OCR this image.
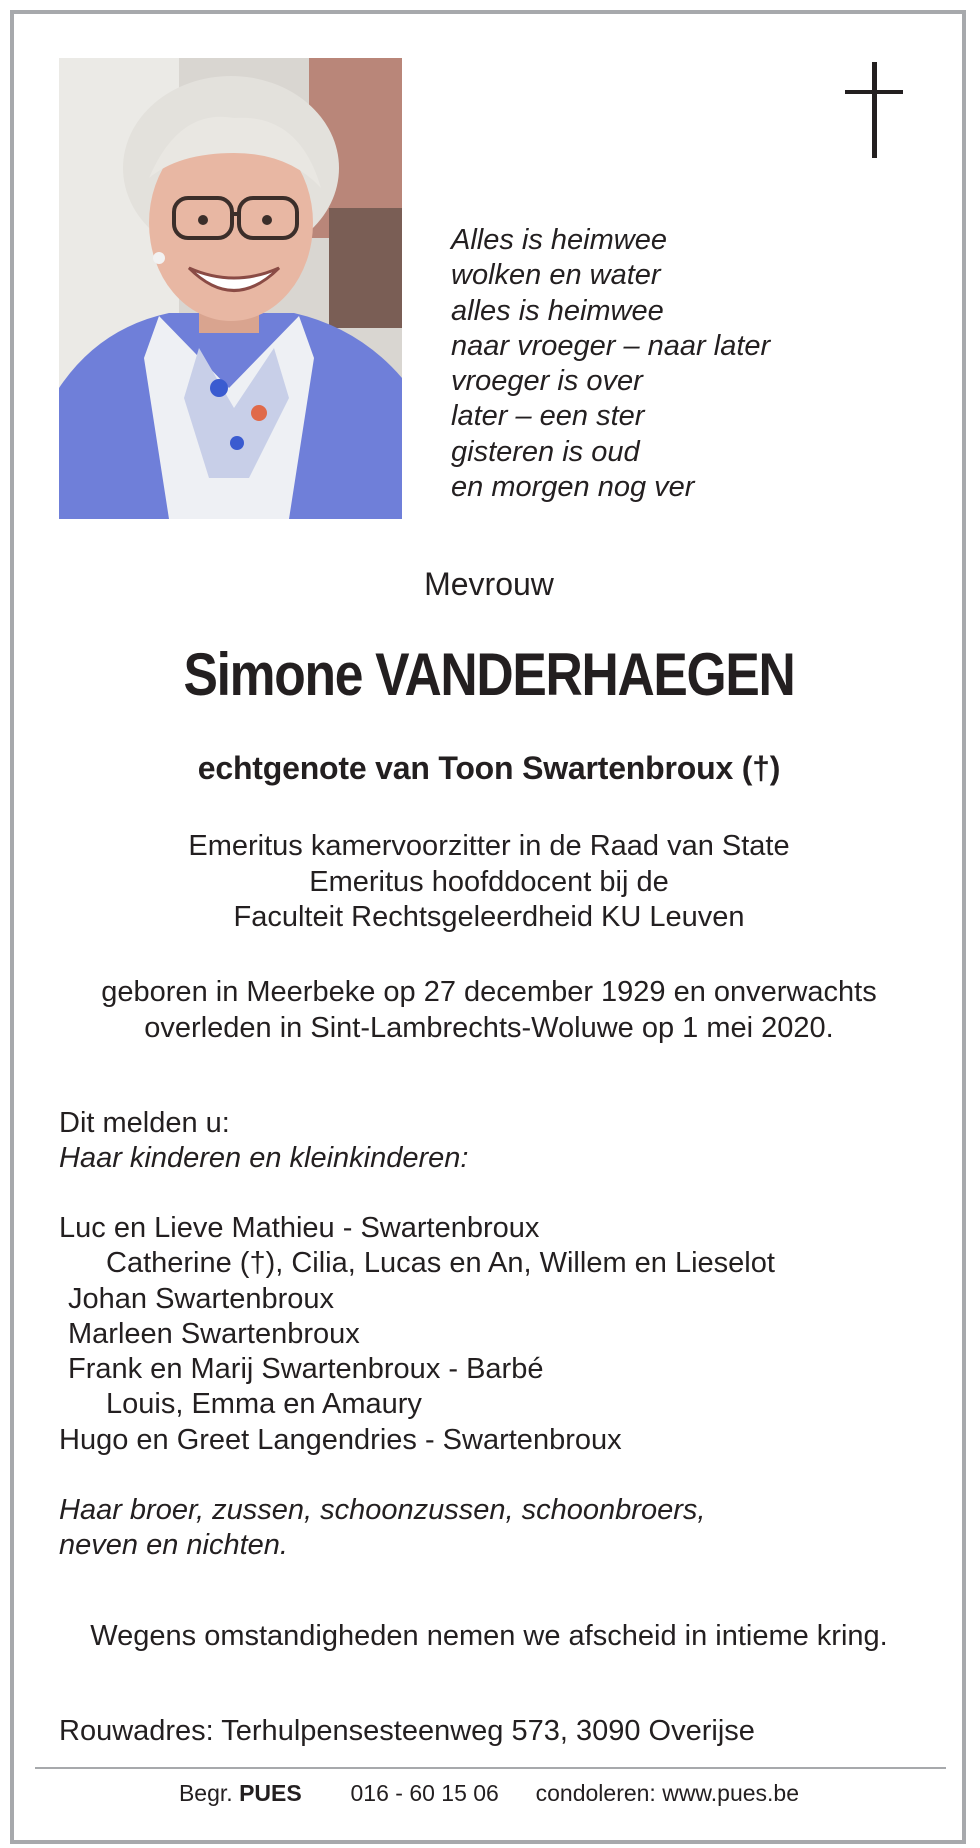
Alles is heimwee
wolken en water
alles is heimwee
naar vroeger – naar later
vroeger is over
later – een ster
gisteren is oud
en morgen nog ver
Mevrouw
Simone VANDERHAEGEN
echtgenote van Toon Swartenbroux (†)
Emeritus kamervoorzitter in de Raad van State
Emeritus hoofddocent bij de
Faculteit Rechtsgeleerdheid KU Leuven
geboren in Meerbeke op 27 december 1929 en onverwachts
overleden in Sint-Lambrechts-Woluwe op 1 mei 2020.
Dit melden u:
Haar kinderen en kleinkinderen:
Luc en Lieve Mathieu - Swartenbroux
Catherine (†), Cilia, Lucas en An, Willem en Lieselot
Johan Swartenbroux
Marleen Swartenbroux
Frank en Marij Swartenbroux - Barbé
Louis, Emma en Amaury
Hugo en Greet Langendries - Swartenbroux
Haar broer, zussen, schoonzussen, schoonbroers,
neven en nichten.
Wegens omstandigheden nemen we afscheid in intieme kring.
Rouwadres: Terhulpensesteenweg 573, 3090 Overijse
Begr. PUES 016 - 60 15 06 condoleren: www.pues.be
